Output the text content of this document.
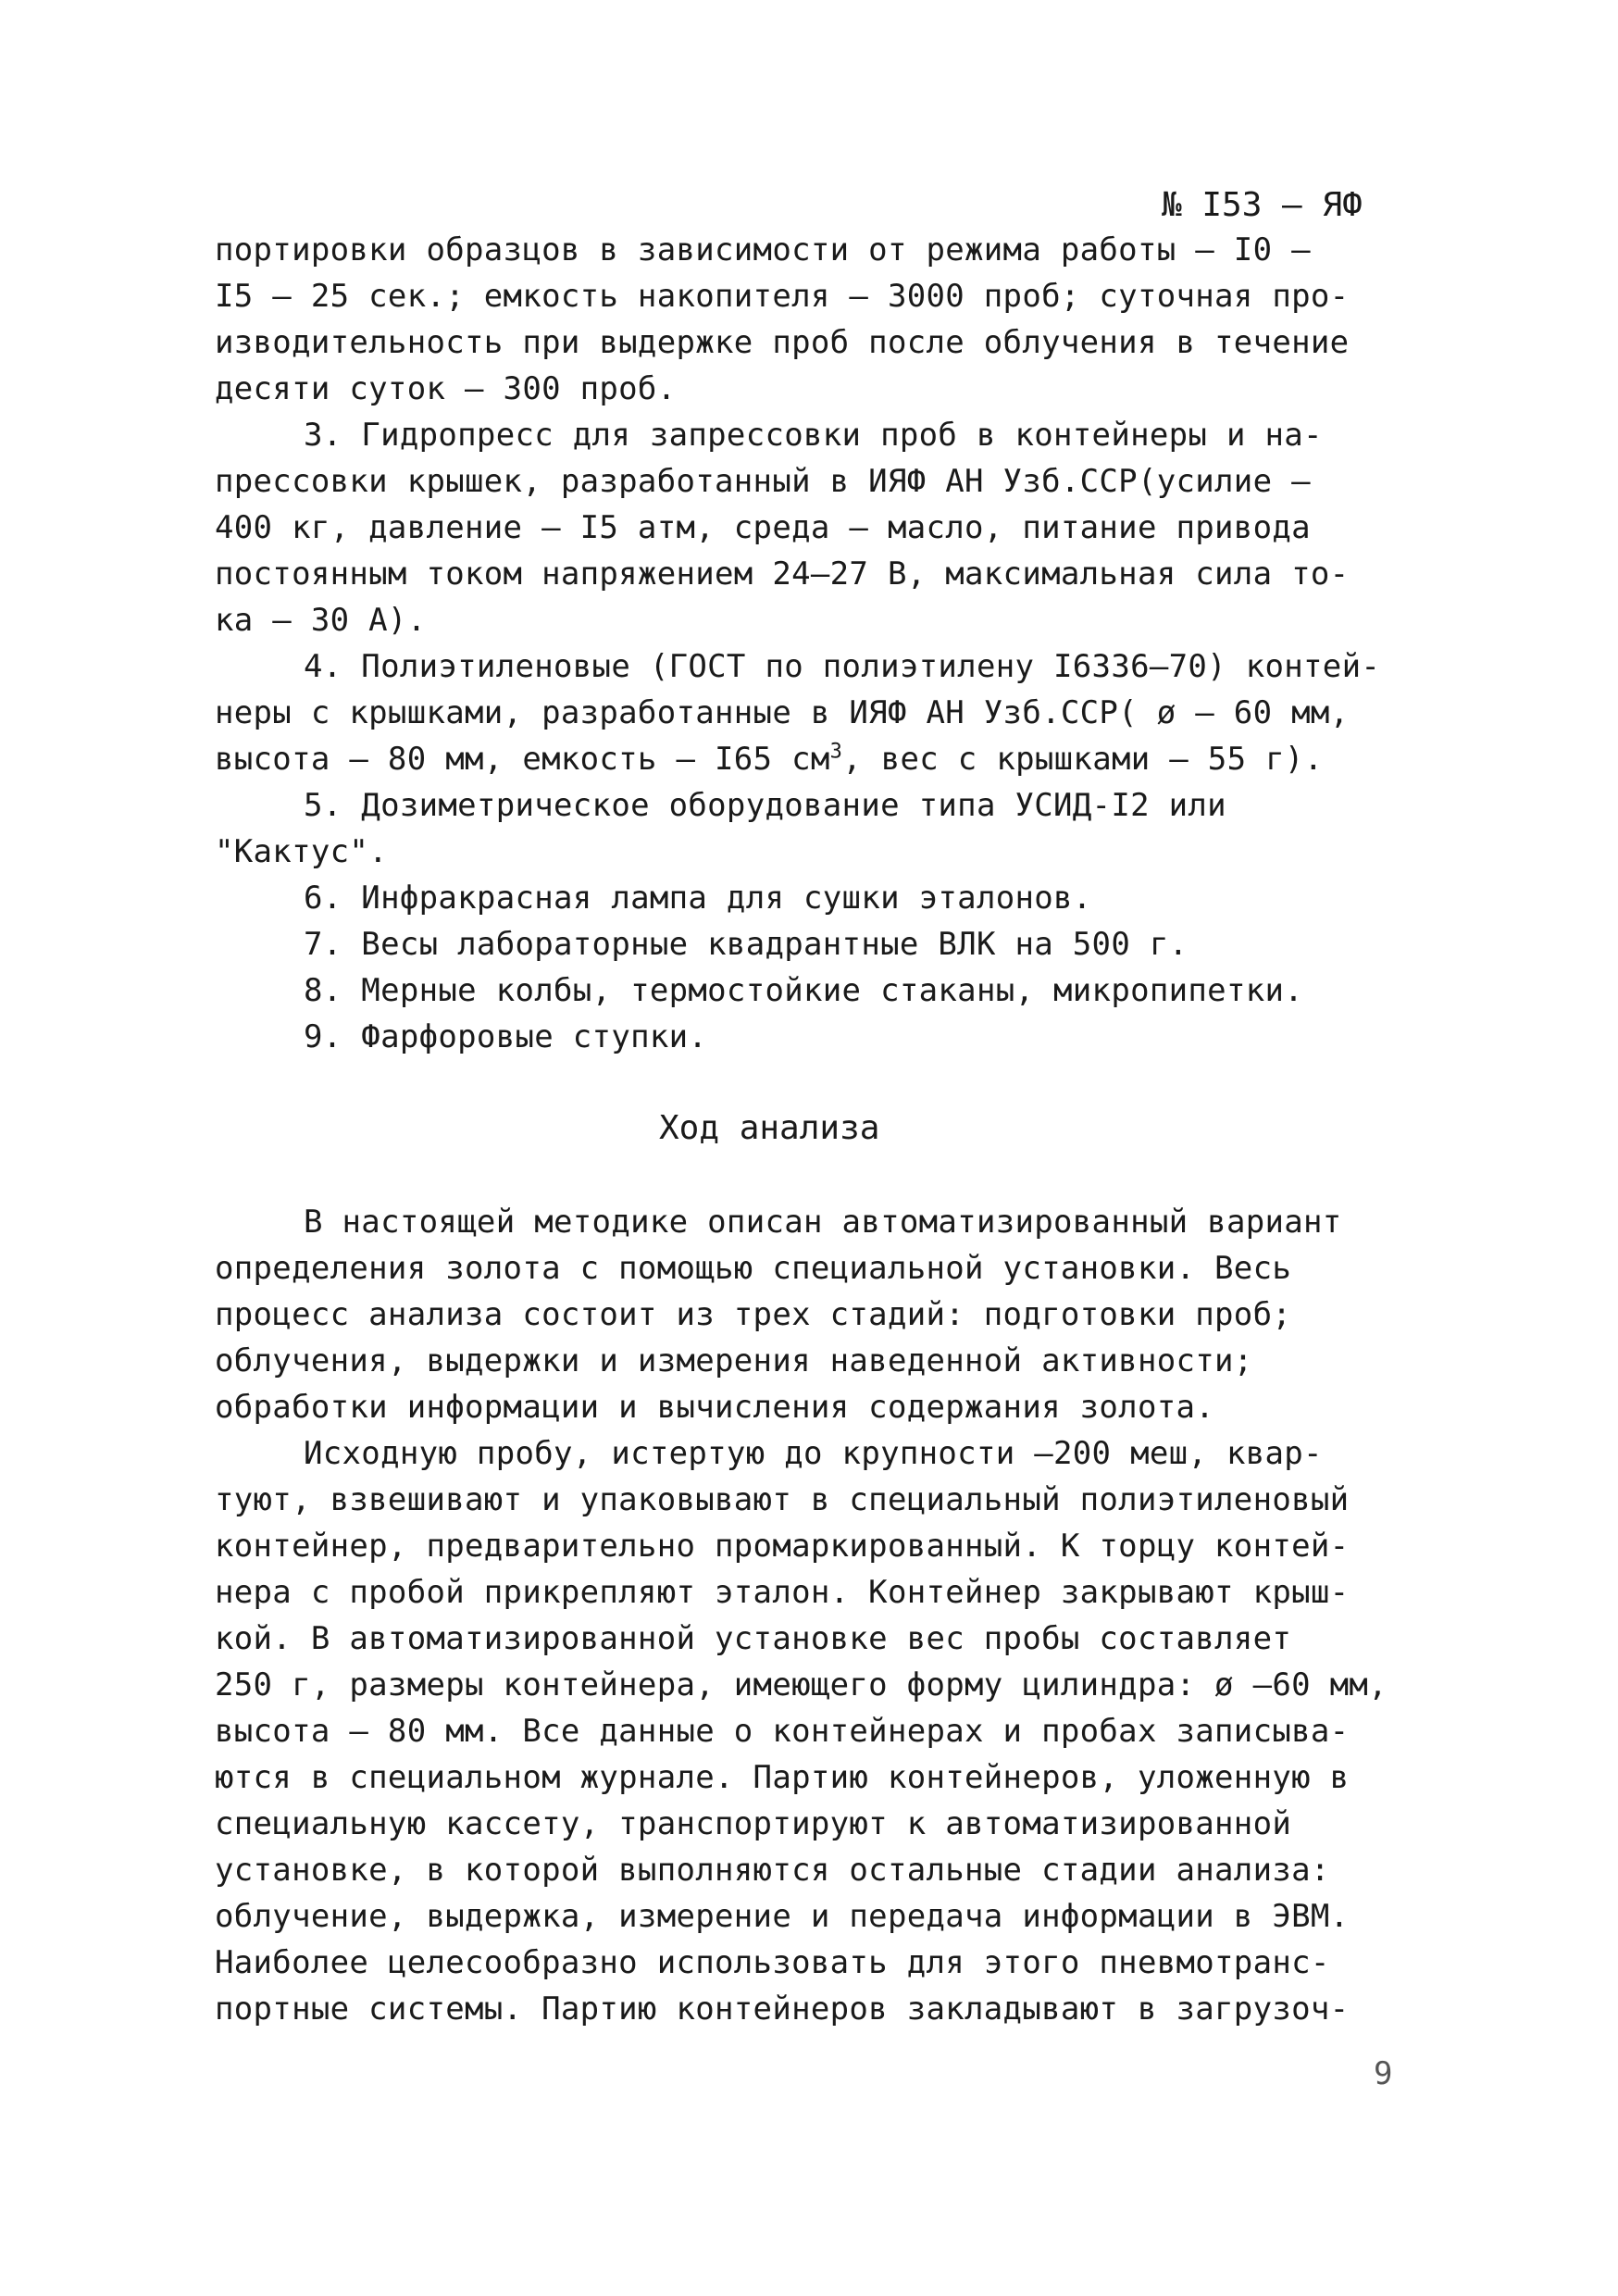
№ I53 – ЯФ
портировки образцов в зависимости от режима работы – I0 –
I5 – 25 сек.; емкость накопителя – 3000 проб; суточная про-
изводительность при выдержке проб после облучения в течение
десяти суток – 300 проб.
3. Гидропресс для запрессовки проб в контейнеры и на-
прессовки крышек, разработанный в ИЯФ АН Узб.ССР(усилие –
400 кг, давление – I5 атм, среда – масло, питание привода
постоянным током напряжением 24–27 В, максимальная сила то-
ка – 30 А).
4. Полиэтиленовые (ГОСТ по полиэтилену I6336–70) контей-
неры с крышками, разработанные в ИЯФ АН Узб.ССР( ø – 60 мм,
высота – 80 мм, емкость – I65 $см^3$, вес с крышками – 55 г).
5. Дозиметрическое оборудование типа УСИД-I2 или
"Кактус".
6. Инфракрасная лампа для сушки эталонов.
7. Весы лабораторные квадрантные ВЛК на 500 г.
8. Мерные колбы, термостойкие стаканы, микропипетки.
9. Фарфоровые ступки.
Ход анализа
В настоящей методике описан автоматизированный вариант
определения золота с помощью специальной установки. Весь
процесс анализа состоит из трех стадий: подготовки проб;
облучения, выдержки и измерения наведенной активности;
обработки информации и вычисления содержания золота.
Исходную пробу, истертую до крупности –200 меш, квар-
туют, взвешивают и упаковывают в специальный полиэтиленовый
контейнер, предварительно промаркированный. К торцу контей-
нера с пробой прикрепляют эталон. Контейнер закрывают крыш-
кой. В автоматизированной установке вес пробы составляет
250 г, размеры контейнера, имеющего форму цилиндра: ø –60 мм,
высота – 80 мм. Все данные о контейнерах и пробах записыва-
ются в специальном журнале. Партию контейнеров, уложенную в
специальную кассету, транспортируют к автоматизированной
установке, в которой выполняются остальные стадии анализа:
облучение, выдержка, измерение и передача информации в ЭВМ.
Наиболее целесообразно использовать для этого пневмотранс-
портные системы. Партию контейнеров закладывают в загрузоч-
9
